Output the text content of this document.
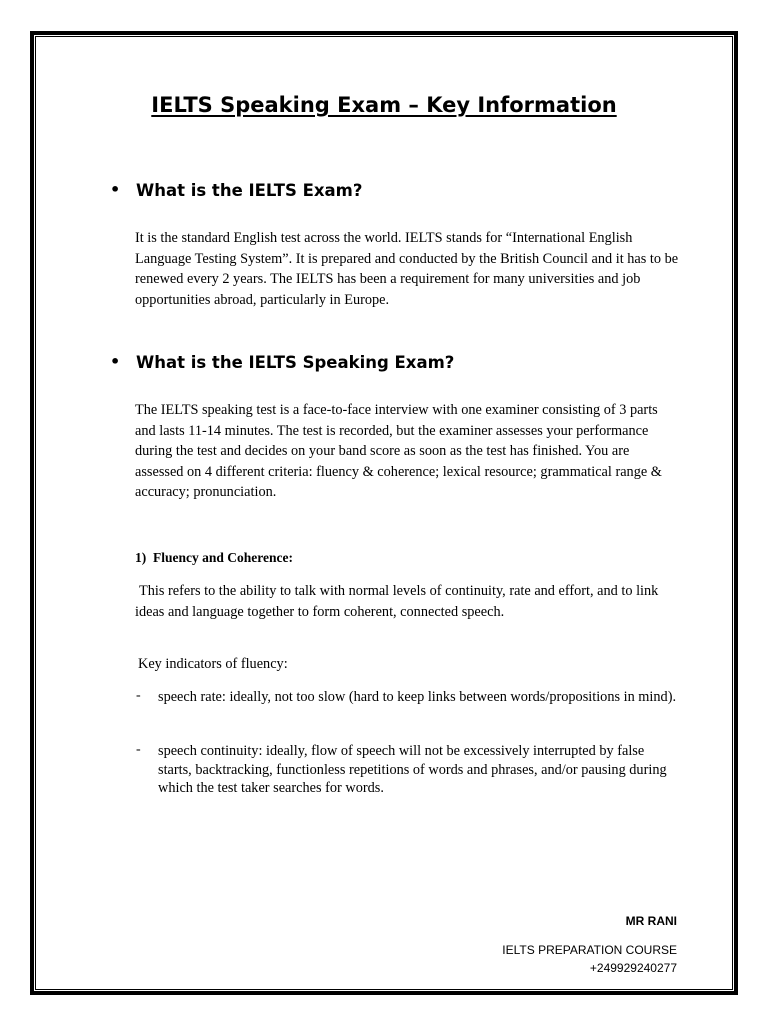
IELTS Speaking Exam – Key Information
• What is the IELTS Exam?
It is the standard English test across the world. IELTS stands for “International English Language Testing System”. It is prepared and conducted by the British Council and it has to be renewed every 2 years. The IELTS has been a requirement for many universities and job opportunities abroad, particularly in Europe.
• What is the IELTS Speaking Exam?
The IELTS speaking test is a face-to-face interview with one examiner consisting of 3 parts and lasts 11-14 minutes. The test is recorded, but the examiner assesses your performance during the test and decides on your band score as soon as the test has finished. You are assessed on 4 different criteria: fluency & coherence; lexical resource; grammatical range & accuracy; pronunciation.
1) Fluency and Coherence:
This refers to the ability to talk with normal levels of continuity, rate and effort, and to link ideas and language together to form coherent, connected speech.
Key indicators of fluency:
- speech rate: ideally, not too slow (hard to keep links between words/propositions in mind).
- speech continuity: ideally, flow of speech will not be excessively interrupted by false starts, backtracking, functionless repetitions of words and phrases, and/or pausing during which the test taker searches for words.
MR RANI
IELTS PREPARATION COURSE
+249929240277
